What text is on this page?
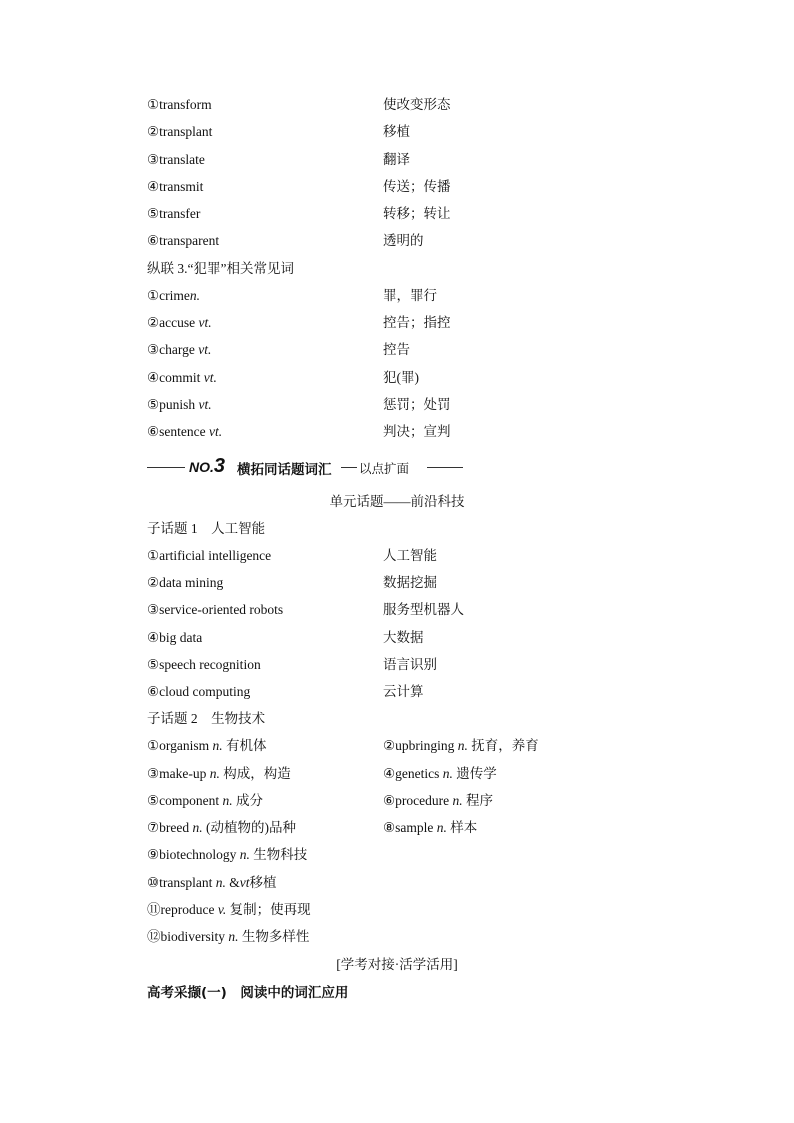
①transform	使改变形态
②transplant	移植
③translate	翻译
④transmit	传送；传播
⑤transfer	转移；转让
⑥transparent	透明的
纵联 3.“犯罪”相关常见词
①crimen.	罪，罪行
②accuse vt.	控告；指控
③charge vt.	控告
④commit vt.	犯(罪)
⑤punish vt.	惩罚；处罚
⑥sentence vt.	判决；宣判
NO.3 横拓同话题词汇 以点扩面
单元话题——前沿科技
子话题 1　人工智能
①artificial intelligence	人工智能
②data mining	数据挖掘
③service-oriented robots	服务型机器人
④big data	大数据
⑤speech recognition	语言识别
⑥cloud computing	云计算
子话题 2　生物技术
①organism n. 有机体	②upbringing n. 抚育，养育
③make-up n. 构成，构造	④genetics n. 遗传学
⑤component n. 成分	⑥procedure n. 程序
⑦breed n. (动植物的)品种	⑧sample n. 样本
⑨biotechnology n. 生物科技
⑩transplant n. &vt移植
⑪reproduce v. 复制；使再现
⑫biodiversity n. 生物多样性
[学考对接·活学活用]
高考采撷(一)　阅读中的词汇应用
